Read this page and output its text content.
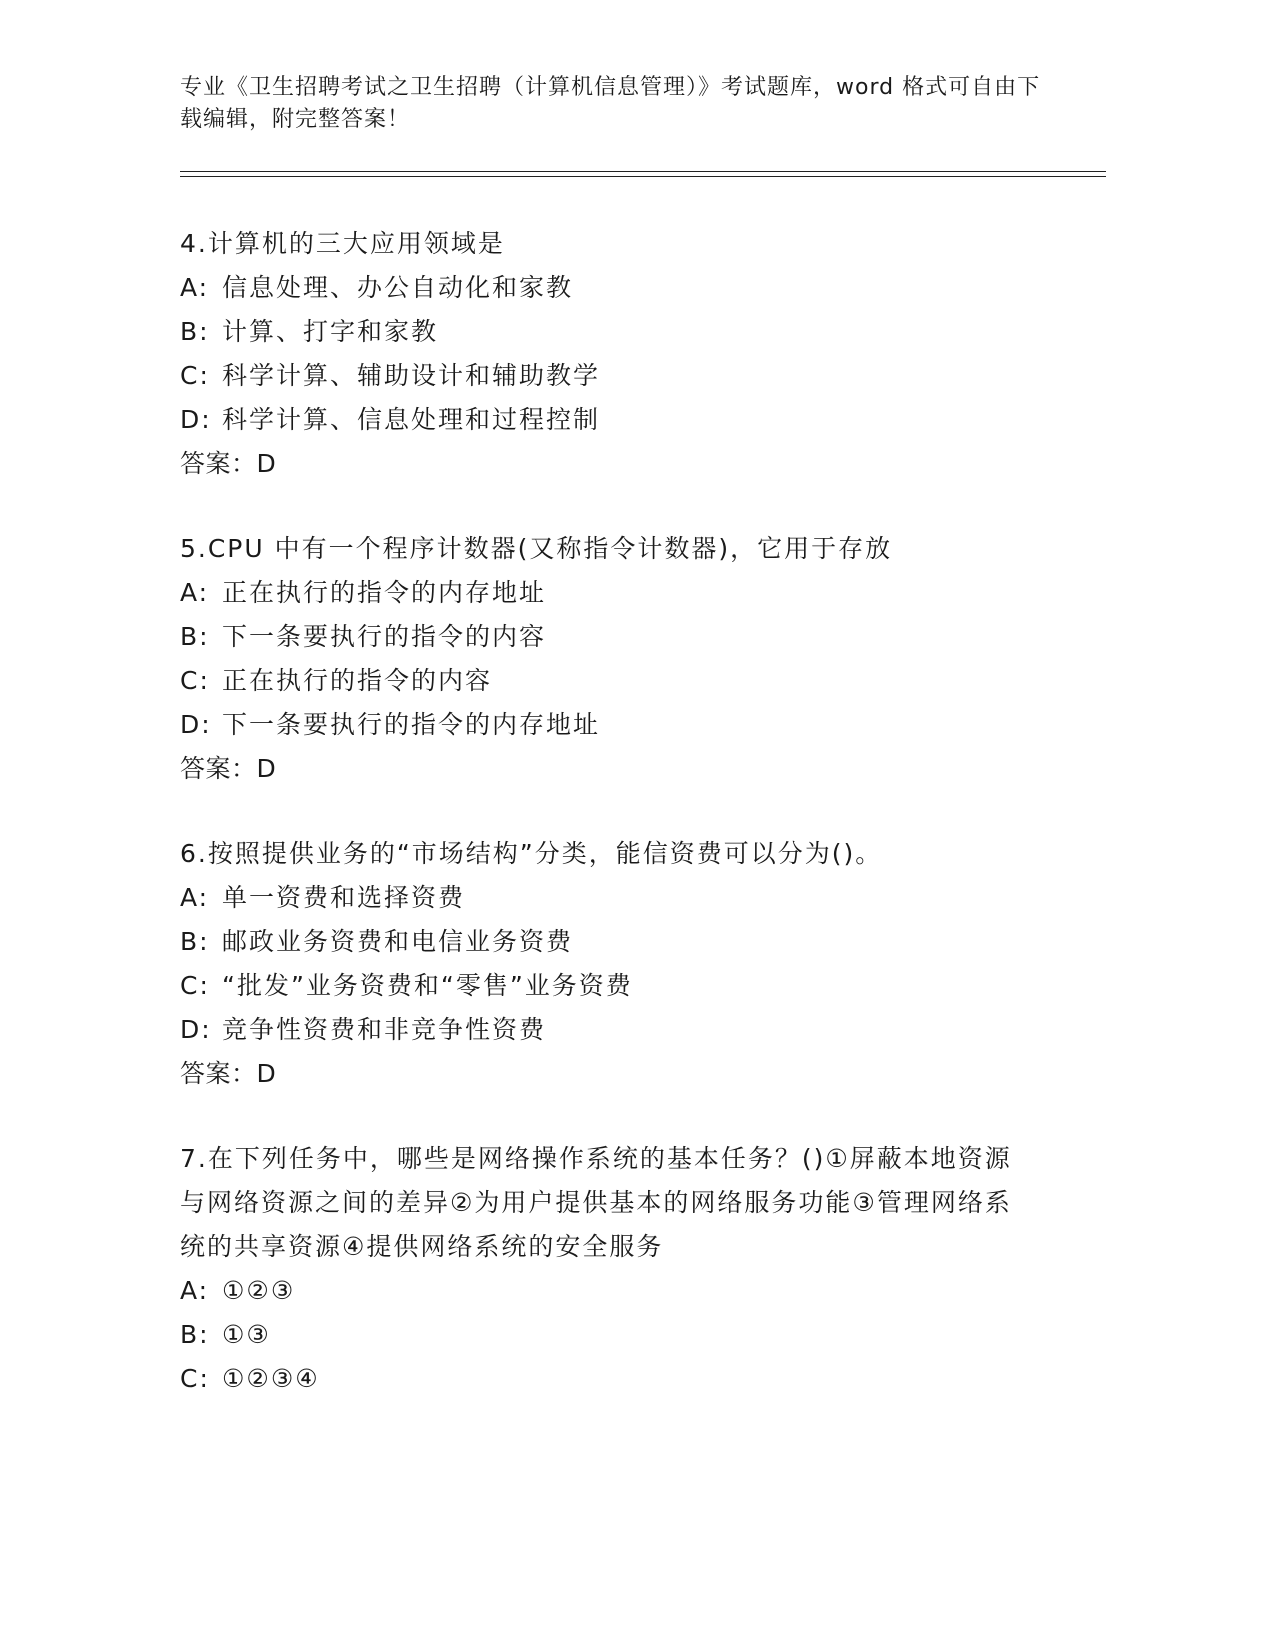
专业《卫生招聘考试之卫生招聘（计算机信息管理）》考试题库，word 格式可自由下载编辑，附完整答案！
4.计算机的三大应用领域是
A: 信息处理、办公自动化和家教
B: 计算、打字和家教
C: 科学计算、辅助设计和辅助教学
D: 科学计算、信息处理和过程控制
答案：D
5.CPU 中有一个程序计数器(又称指令计数器)，它用于存放
A: 正在执行的指令的内存地址
B: 下一条要执行的指令的内容
C: 正在执行的指令的内容
D: 下一条要执行的指令的内存地址
答案：D
6.按照提供业务的“市场结构”分类，能信资费可以分为()。
A: 单一资费和选择资费
B: 邮政业务资费和电信业务资费
C: “批发”业务资费和“零售”业务资费
D: 竞争性资费和非竞争性资费
答案：D
7.在下列任务中，哪些是网络操作系统的基本任务？()①屏蔽本地资源与网络资源之间的差异②为用户提供基本的网络服务功能③管理网络系统的共享资源④提供网络系统的安全服务
A: ①②③
B: ①③
C: ①②③④
